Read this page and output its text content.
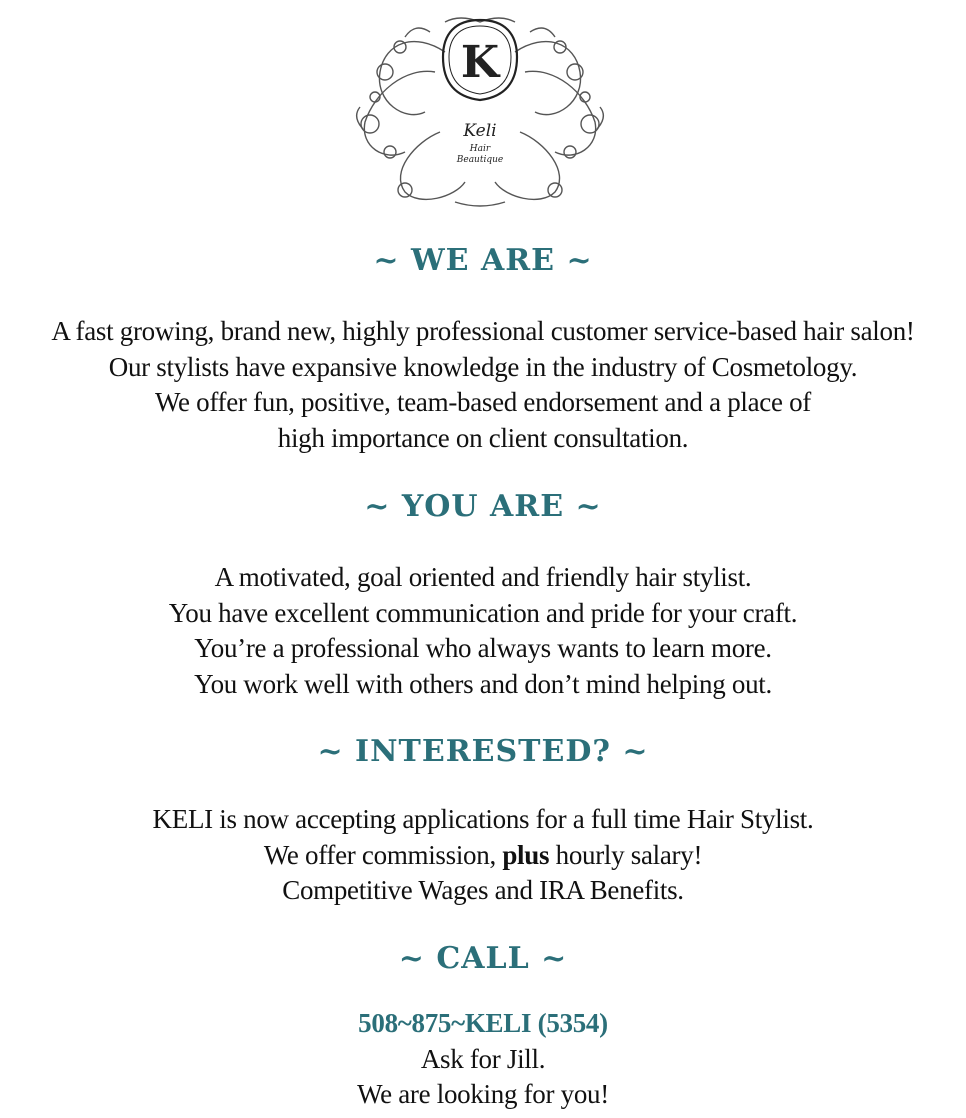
K
Keli
Hair
Beautique
~ WE ARE ~
A fast growing, brand new, highly professional customer service-based hair salon!
Our stylists have expansive knowledge in the industry of Cosmetology.
We offer fun, positive, team-based endorsement and a place of
high importance on client consultation.
~ YOU ARE ~
A motivated, goal oriented and friendly hair stylist.
You have excellent communication and pride for your craft.
You’re a professional who always wants to learn more.
You work well with others and don’t mind helping out.
~ INTERESTED? ~
KELI is now accepting applications for a full time Hair Stylist.
We offer commission, plus hourly salary!
Competitive Wages and IRA Benefits.
~ CALL ~
508~875~KELI (5354)
Ask for Jill.
We are looking for you!
